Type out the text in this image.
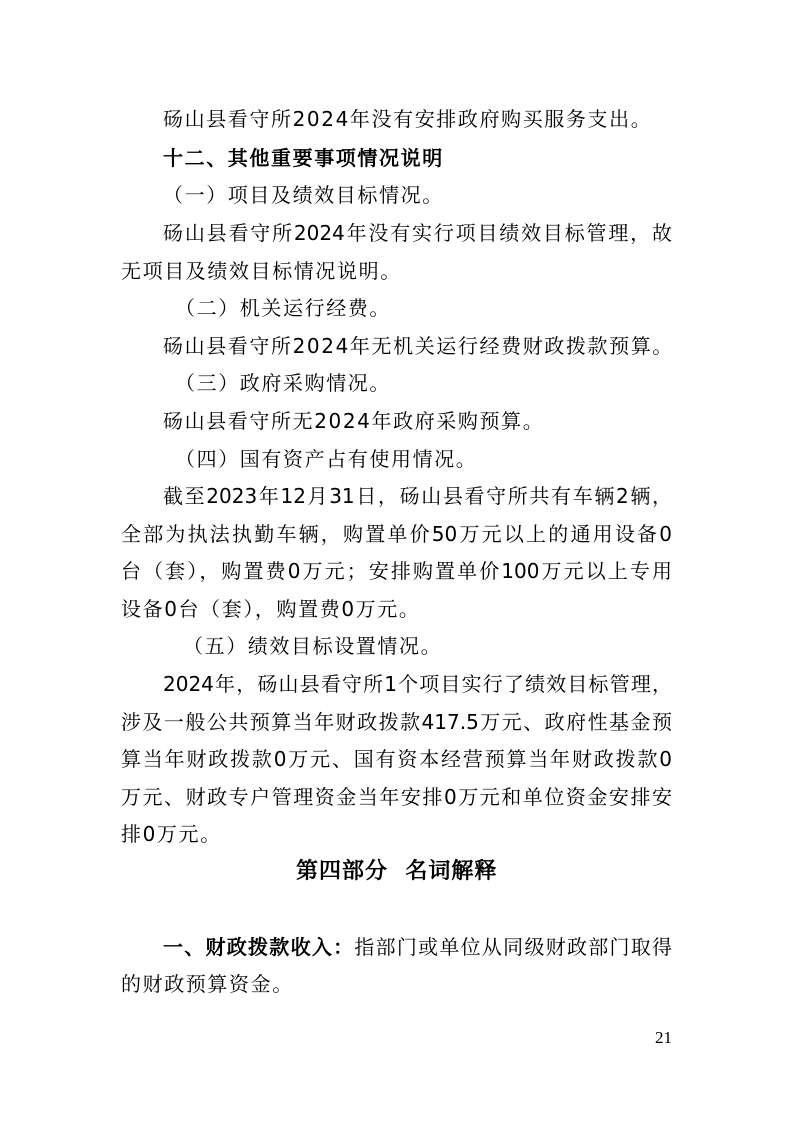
砀山县看守所2024年没有安排政府购买服务支出。

十二、其他重要事项情况说明

（一）项目及绩效目标情况。

砀山县看守所2024年没有实行项目绩效目标管理，故

无项目及绩效目标情况说明。

（二）机关运行经费。

砀山县看守所2024年无机关运行经费财政拨款预算。

（三）政府采购情况。

砀山县看守所无2024年政府采购预算。

（四）国有资产占有使用情况。

截至2023年12月31日，砀山县看守所共有车辆2辆，

全部为执法执勤车辆，购置单价50万元以上的通用设备0

台（套），购置费0万元；安排购置单价100万元以上专用

设备0台（套），购置费0万元。

（五）绩效目标设置情况。

2024年，砀山县看守所1个项目实行了绩效目标管理，

涉及一般公共预算当年财政拨款417.5万元、政府性基金预

算当年财政拨款0万元、国有资本经营预算当年财政拨款0

万元、财政专户管理资金当年安排0万元和单位资金安排安

排0万元。

第四部分  名词解释

一、财政拨款收入：指部门或单位从同级财政部门取得

的财政预算资金。

21
